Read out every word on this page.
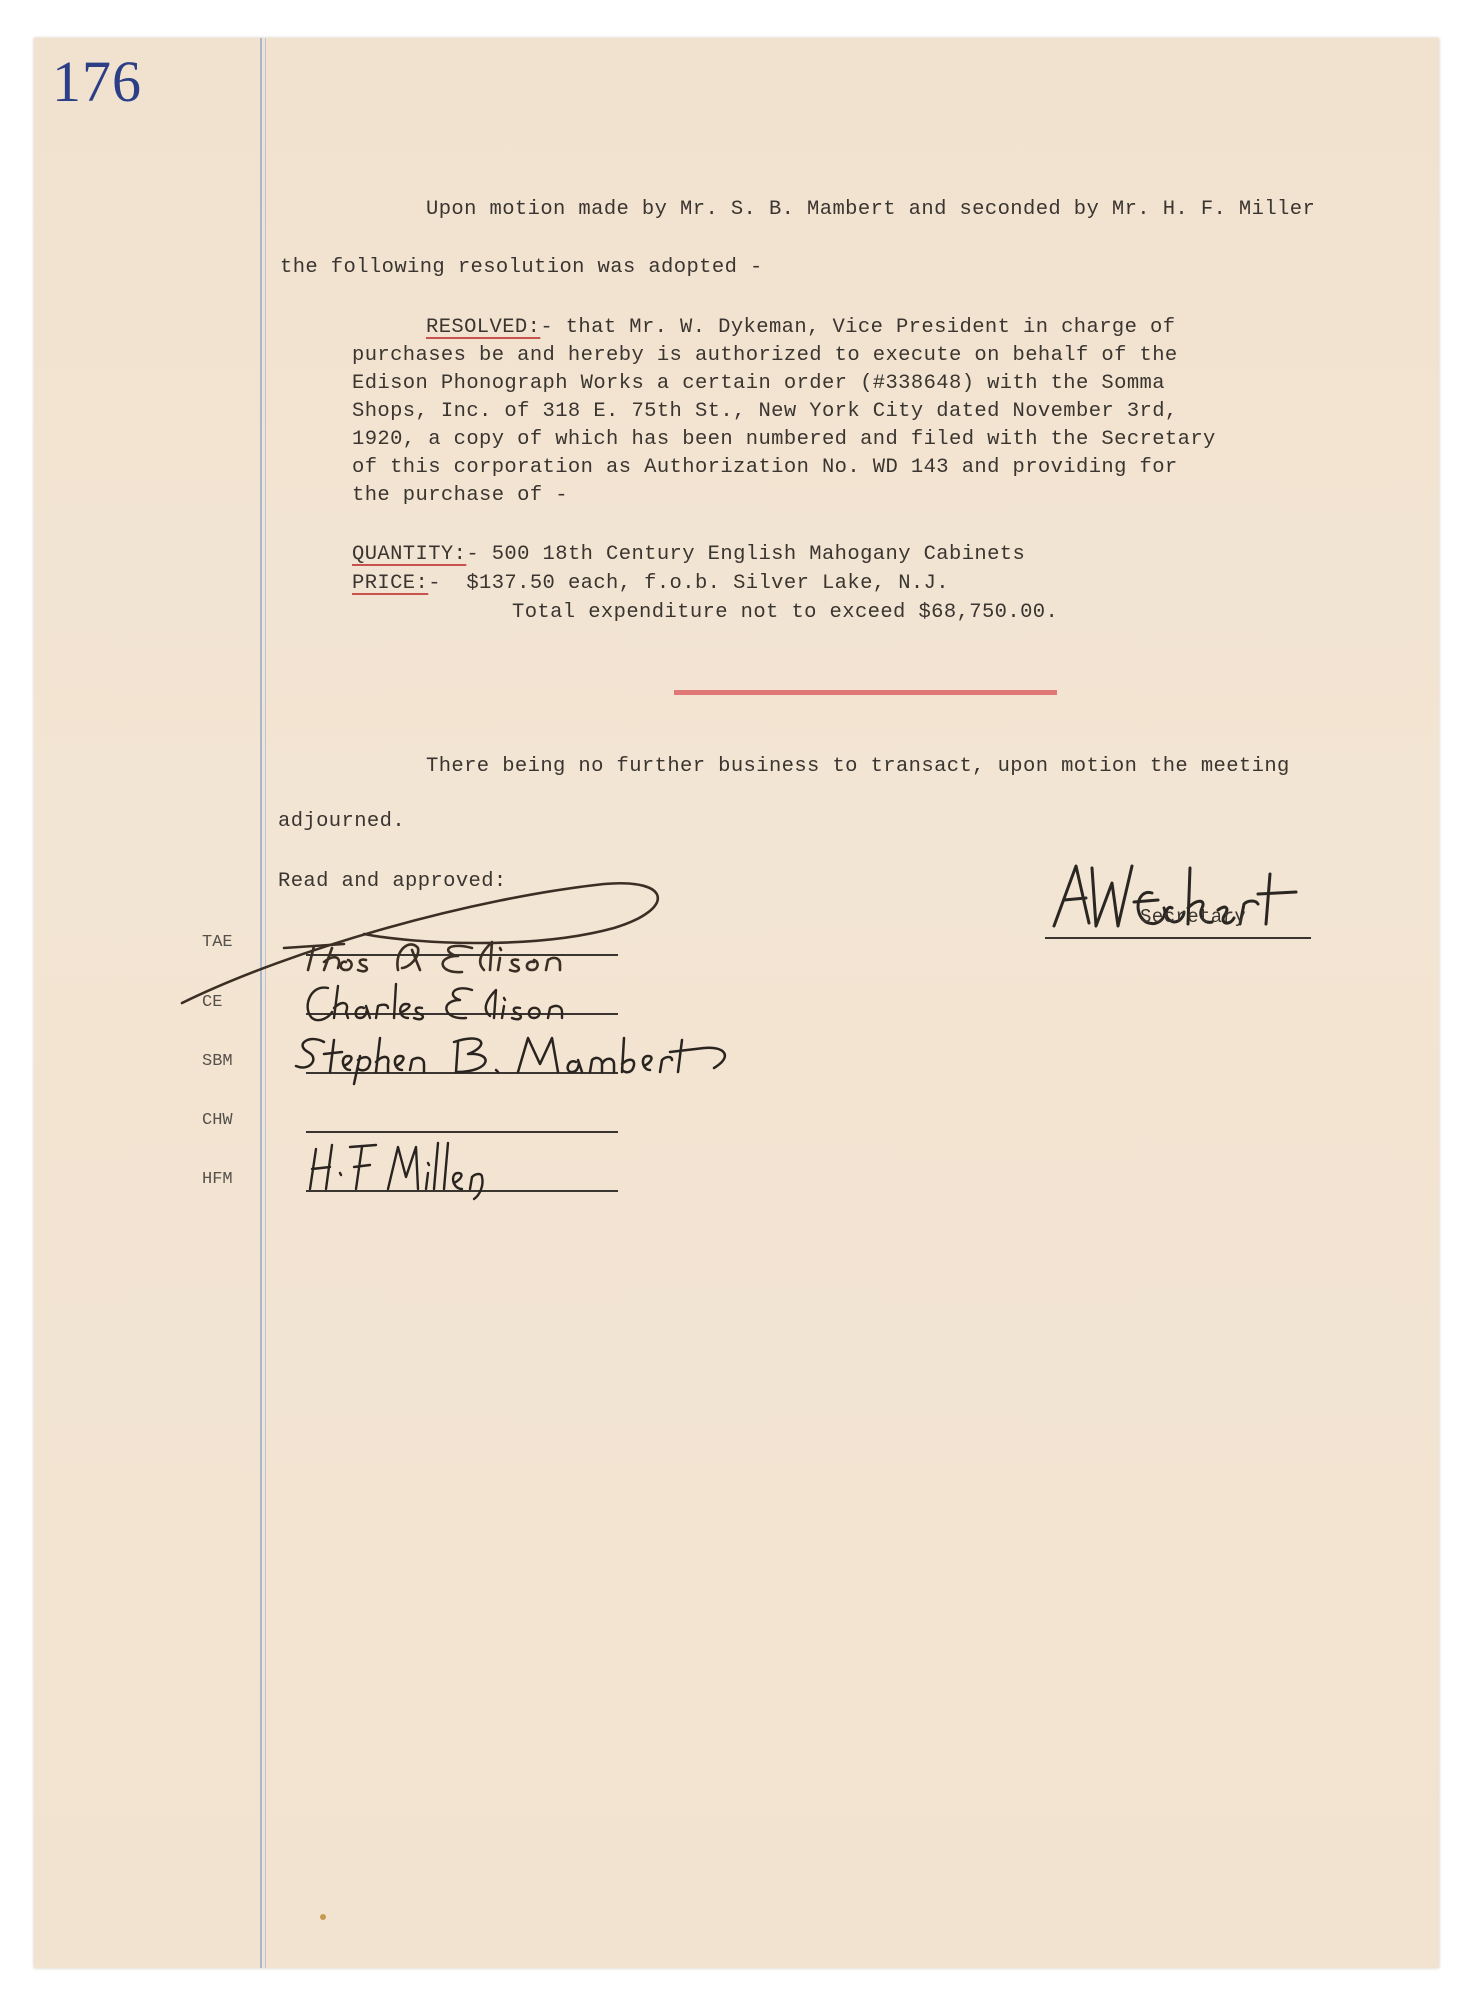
176
Upon motion made by Mr. S. B. Mambert and seconded by Mr. H. F. Miller
the following resolution was adopted -
RESOLVED:- that Mr. W. Dykeman, Vice President in charge of
purchases be and hereby is authorized to execute on behalf of the
Edison Phonograph Works a certain order (#338648) with the Somma
Shops, Inc. of 318 E. 75th St., New York City dated November 3rd,
1920, a copy of which has been numbered and filed with the Secretary
of this corporation as Authorization No. WD 143 and providing for
the purchase of -
QUANTITY:- 500 18th Century English Mahogany Cabinets
PRICE:-  $137.50 each, f.o.b. Silver Lake, N.J.
Total expenditure not to exceed $68,750.00.
There being no further business to transact, upon motion the meeting
adjourned.
Read and approved:
Secretary
TAE
CE
SBM
CHW
HFM
